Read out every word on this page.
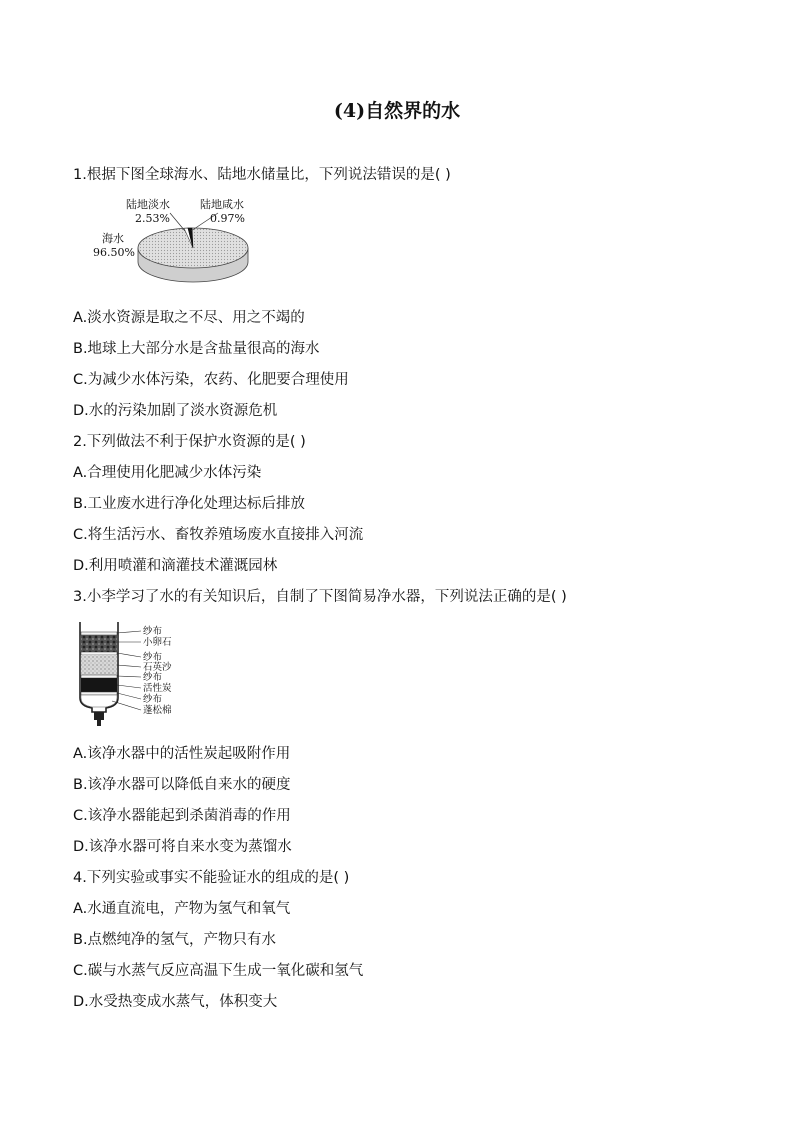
(4)自然界的水
1.根据下图全球海水、陆地水储量比，下列说法错误的是( )
陆地淡水
2.53%
陆地咸水
0.97%
海水
96.50%
A.淡水资源是取之不尽、用之不竭的
B.地球上大部分水是含盐量很高的海水
C.为减少水体污染，农药、化肥要合理使用
D.水的污染加剧了淡水资源危机
2.下列做法不利于保护水资源的是( )
A.合理使用化肥减少水体污染
B.工业废水进行净化处理达标后排放
C.将生活污水、畜牧养殖场废水直接排入河流
D.利用喷灌和滴灌技术灌溉园林
3.小李学习了水的有关知识后，自制了下图简易净水器，下列说法正确的是( )
纱布
小卵石
纱布
石英沙
纱布
活性炭
纱布
蓬松棉
A.该净水器中的活性炭起吸附作用
B.该净水器可以降低自来水的硬度
C.该净水器能起到杀菌消毒的作用
D.该净水器可将自来水变为蒸馏水
4.下列实验或事实不能验证水的组成的是( )
A.水通直流电，产物为氢气和氧气
B.点燃纯净的氢气，产物只有水
C.碳与水蒸气反应高温下生成一氧化碳和氢气
D.水受热变成水蒸气，体积变大
